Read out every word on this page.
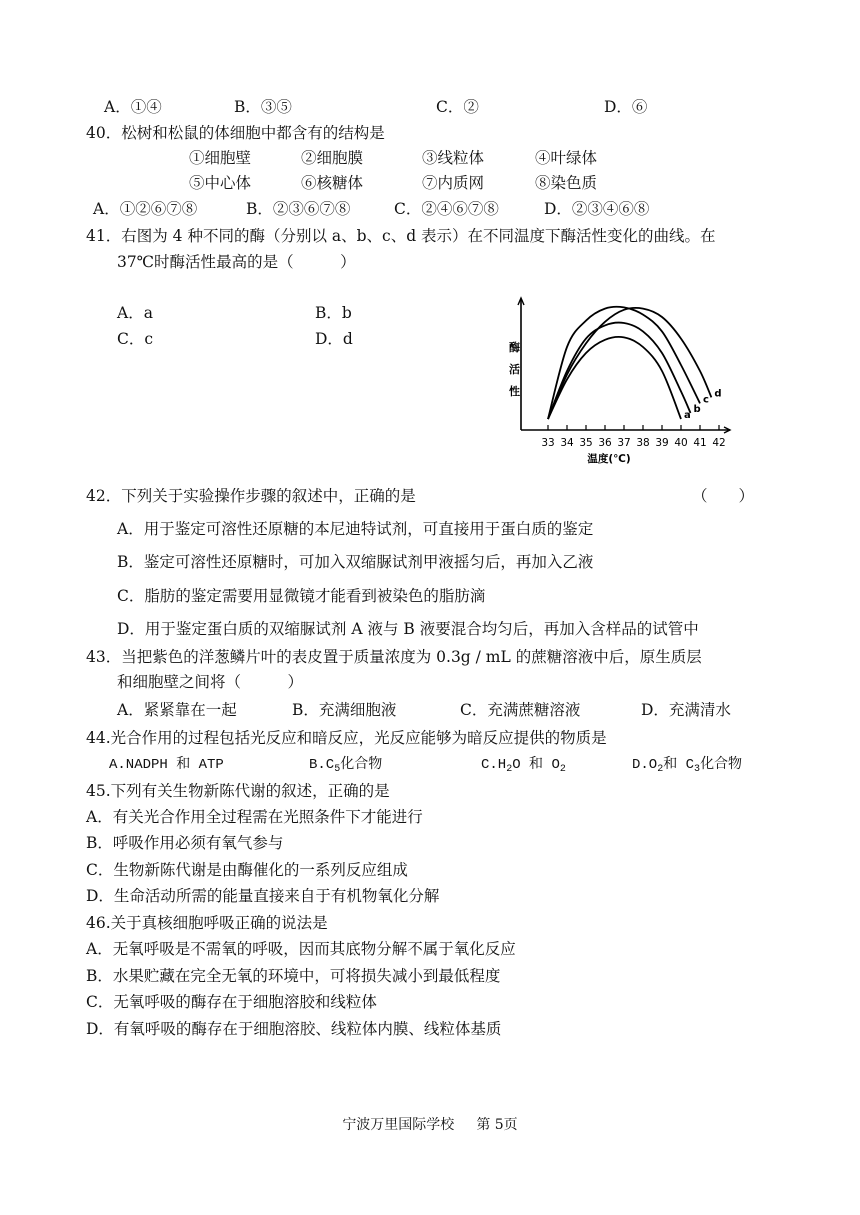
A．①④	B．③⑤	C．②	D．⑥
40．松树和松鼠的体细胞中都含有的结构是
①细胞壁	②细胞膜	③线粒体	④叶绿体
⑤中心体	⑥核糖体	⑦内质网	⑧染色质
A．①②⑥⑦⑧	B．②③⑥⑦⑧	C．②④⑥⑦⑧	D．②③④⑥⑧
41．右图为 4 种不同的酶（分别以 a、b、c、d 表示）在不同温度下酶活性变化的曲线。在
37℃时酶活性最高的是（　　　）
A．a	B．b
C．c	D．d
33 34 35 36 37 38 39 40 41 42
酶
活
性
温度(℃)
a
b
c
d
42．下列关于实验操作步骤的叙述中，正确的是	（　　）
A．用于鉴定可溶性还原糖的本尼迪特试剂，可直接用于蛋白质的鉴定
B．鉴定可溶性还原糖时，可加入双缩脲试剂甲液摇匀后，再加入乙液
C．脂肪的鉴定需要用显微镜才能看到被染色的脂肪滴
D．用于鉴定蛋白质的双缩脲试剂 A 液与 B 液要混合均匀后，再加入含样品的试管中
43．当把紫色的洋葱鳞片叶的表皮置于质量浓度为 0.3g / mL 的蔗糖溶液中后，原生质层
和细胞壁之间将（　　　）
A．紧紧靠在一起	B．充满细胞液	C．充满蔗糖溶液	D．充满清水
44.光合作用的过程包括光反应和暗反应，光反应能够为暗反应提供的物质是
A.NADPH 和 ATP	$B.C_5$化合物	$C.H_2O$ 和 $O_2$	$D.O_2$和 $C_3$化合物
45.下列有关生物新陈代谢的叙述，正确的是
A．有关光合作用全过程需在光照条件下才能进行
B．呼吸作用必须有氧气参与
C．生物新陈代谢是由酶催化的一系列反应组成
D．生命活动所需的能量直接来自于有机物氧化分解
46.关于真核细胞呼吸正确的说法是
A．无氧呼吸是不需氧的呼吸，因而其底物分解不属于氧化反应
B．水果贮藏在完全无氧的环境中，可将损失减小到最低程度
C．无氧呼吸的酶存在于细胞溶胶和线粒体
D．有氧呼吸的酶存在于细胞溶胶、线粒体内膜、线粒体基质
宁波万里国际学校 第 5页
